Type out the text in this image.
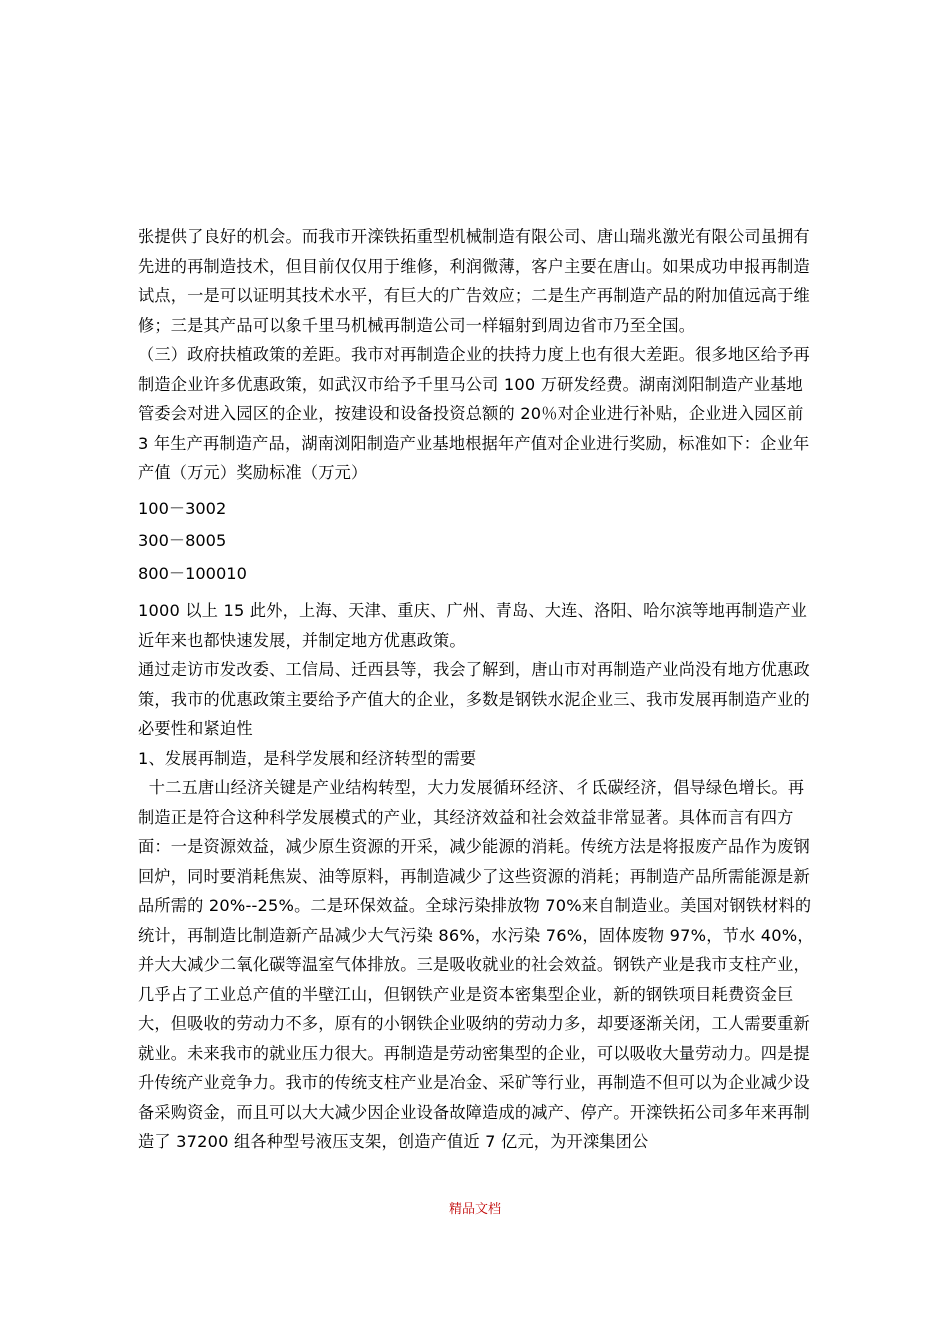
张提供了良好的机会。而我市开滦铁拓重型机械制造有限公司、唐山瑞兆激光有限公司虽拥有先进的再制造技术，但目前仅仅用于维修，利润微薄，客户主要在唐山。如果成功申报再制造试点，一是可以证明其技术水平，有巨大的广告效应；二是生产再制造产品的附加值远高于维修；三是其产品可以象千里马机械再制造公司一样辐射到周边省市乃至全国。

（三）政府扶植政策的差距。我市对再制造企业的扶持力度上也有很大差距。很多地区给予再制造企业许多优惠政策，如武汉市给予千里马公司 100 万研发经费。湖南浏阳制造产业基地管委会对进入园区的企业，按建设和设备投资总额的 20％对企业进行补贴，企业进入园区前 3 年生产再制造产品，湖南浏阳制造产业基地根据年产值对企业进行奖励，标准如下：企业年产值（万元）奖励标准（万元）

100－3002

300－8005

800－100010

1000 以上 15 此外，上海、天津、重庆、广州、青岛、大连、洛阳、哈尔滨等地再制造产业近年来也都快速发展，并制定地方优惠政策。

通过走访市发改委、工信局、迁西县等，我会了解到，唐山市对再制造产业尚没有地方优惠政策，我市的优惠政策主要给予产值大的企业，多数是钢铁水泥企业三、我市发展再制造产业的必要性和紧迫性

1、发展再制造，是科学发展和经济转型的需要

十二五唐山经济关键是产业结构转型，大力发展循环经济、彳氐碳经济，倡导绿色增长。再制造正是符合这种科学发展模式的产业，其经济效益和社会效益非常显著。具体而言有四方面：一是资源效益，减少原生资源的开采，减少能源的消耗。传统方法是将报废产品作为废钢回炉，同时要消耗焦炭、油等原料，再制造减少了这些资源的消耗；再制造产品所需能源是新品所需的 20%--25%。二是环保效益。全球污染排放物 70%来自制造业。美国对钢铁材料的统计，再制造比制造新产品减少大气污染 86%，水污染 76%，固体废物 97%，节水 40%，并大大减少二氧化碳等温室气体排放。三是吸收就业的社会效益。钢铁产业是我市支柱产业，几乎占了工业总产值的半壁江山，但钢铁产业是资本密集型企业，新的钢铁项目耗费资金巨大，但吸收的劳动力不多，原有的小钢铁企业吸纳的劳动力多，却要逐渐关闭，工人需要重新就业。未来我市的就业压力很大。再制造是劳动密集型的企业，可以吸收大量劳动力。四是提升传统产业竞争力。我市的传统支柱产业是冶金、采矿等行业，再制造不但可以为企业减少设备采购资金，而且可以大大减少因企业设备故障造成的减产、停产。开滦铁拓公司多年来再制造了 37200 组各种型号液压支架，创造产值近 7 亿元，为开滦集团公

精品文档
